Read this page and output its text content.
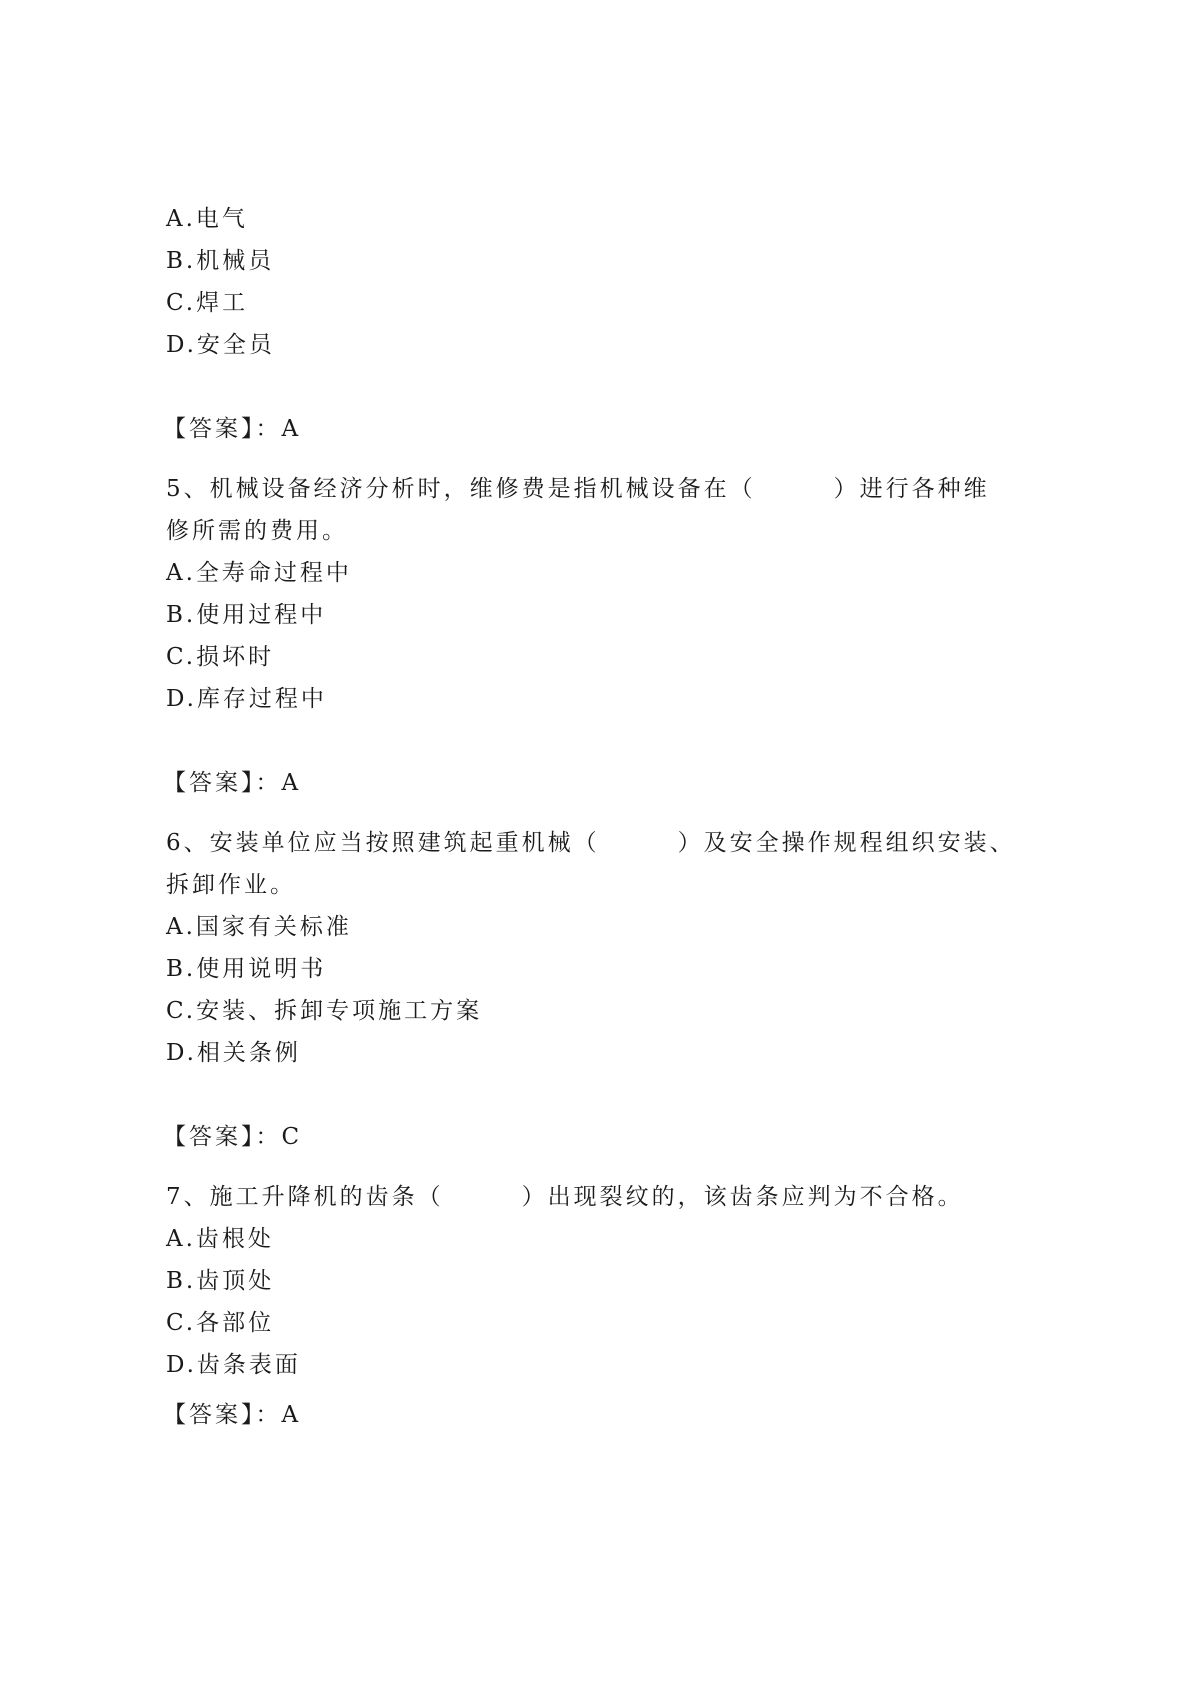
A.电气
B.机械员
C.焊工
D.安全员
【答案】：A
5、机械设备经济分析时，维修费是指机械设备在（　　　）进行各种维
修所需的费用。
A.全寿命过程中
B.使用过程中
C.损坏时
D.库存过程中
【答案】：A
6、安装单位应当按照建筑起重机械（　　　）及安全操作规程组织安装、
拆卸作业。
A.国家有关标准
B.使用说明书
C.安装、拆卸专项施工方案
D.相关条例
【答案】：C
7、施工升降机的齿条（　　　）出现裂纹的，该齿条应判为不合格。
A.齿根处
B.齿顶处
C.各部位
D.齿条表面
【答案】：A
